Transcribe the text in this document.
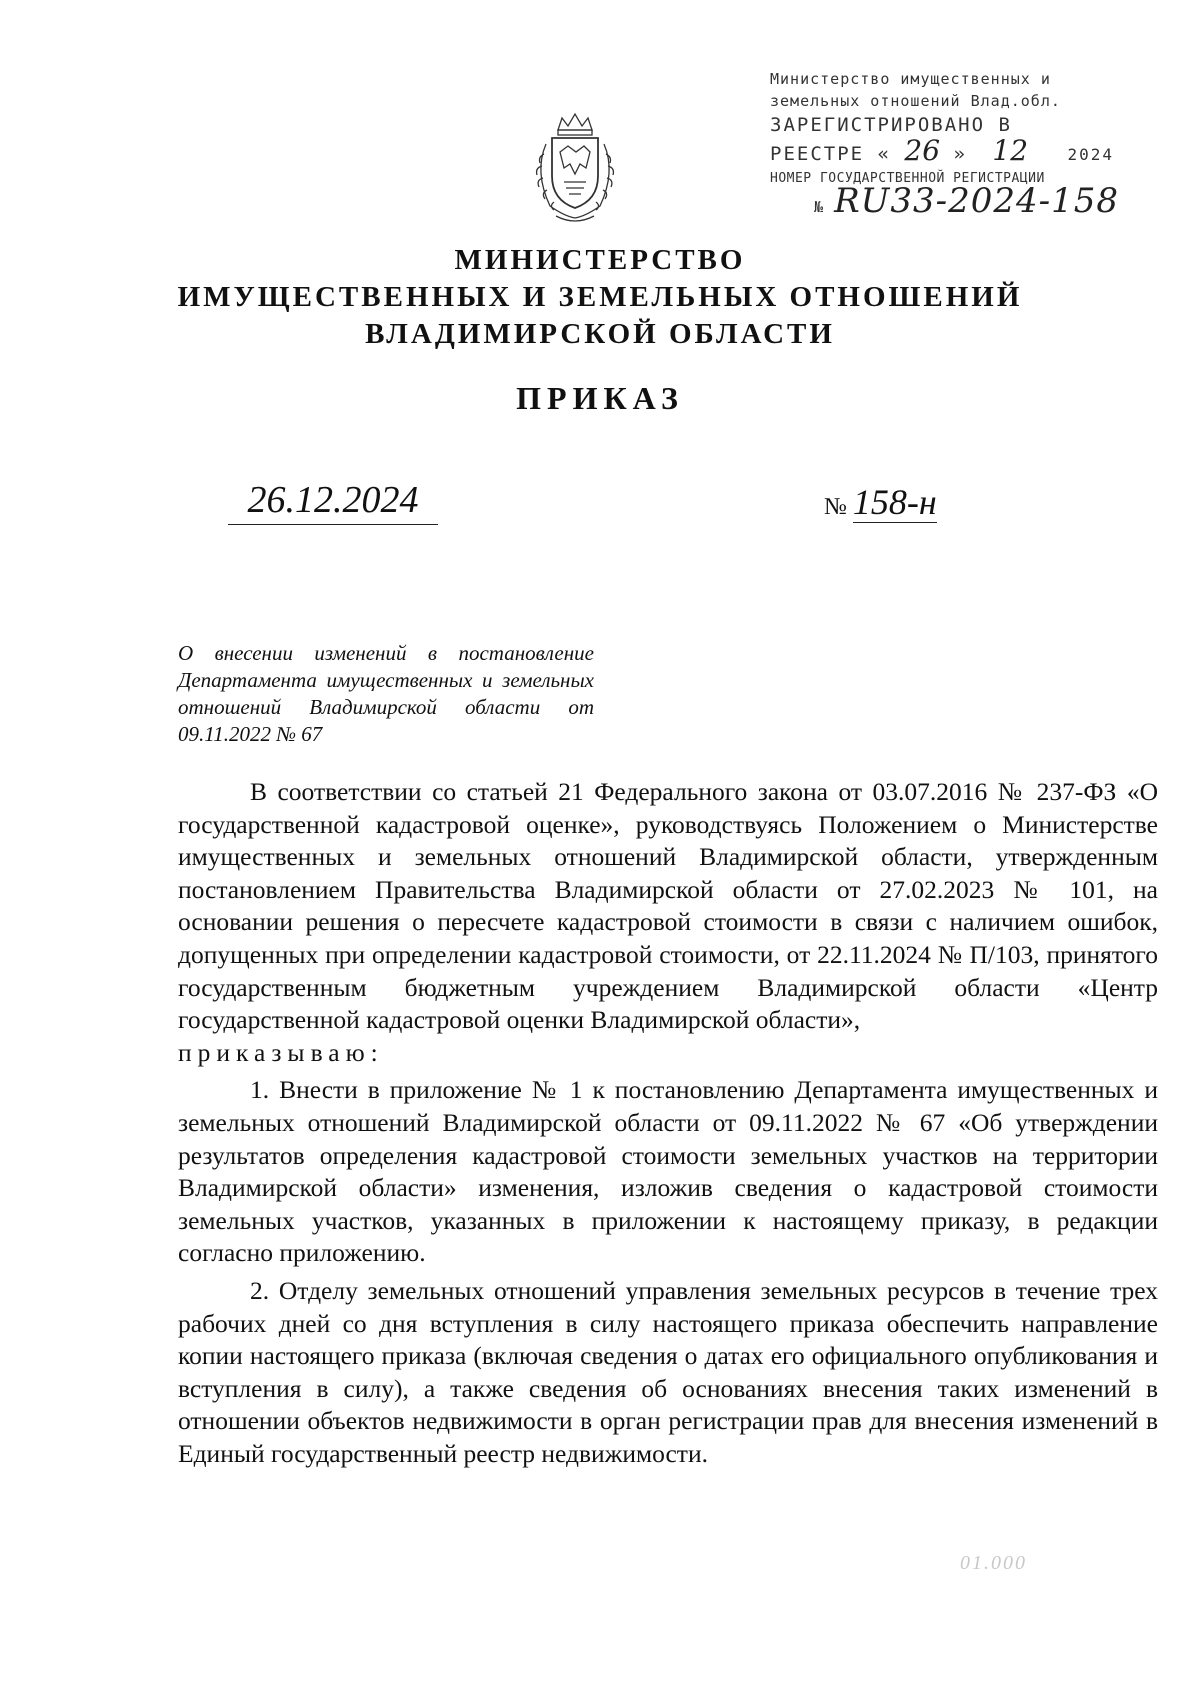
Министерство имущественных и
земельных отношений Влад.обл.
ЗАРЕГИСТРИРОВАНО В
РЕЕСТРЕ « 26 » 12 2024
НОМЕР ГОСУДАРСТВЕННОЙ РЕГИСТРАЦИИ
№ RU33-2024-158
МИНИСТЕРСТВО
ИМУЩЕСТВЕННЫХ И ЗЕМЕЛЬНЫХ ОТНОШЕНИЙ
ВЛАДИМИРСКОЙ ОБЛАСТИ
ПРИКАЗ
26.12.2024	№ 158-н
О внесении изменений в постановление Департамента имущественных и земельных отношений Владимирской области от 09.11.2022 № 67

В соответствии со статьей 21 Федерального закона от 03.07.2016 № 237-ФЗ «О государственной кадастровой оценке», руководствуясь Положением о Министерстве имущественных и земельных отношений Владимирской области, утвержденным постановлением Правительства Владимирской области от 27.02.2023 № 101, на основании решения о пересчете кадастровой стоимости в связи с наличием ошибок, допущенных при определении кадастровой стоимости, от 22.11.2024 № П/103, принятого государственным бюджетным учреждением Владимирской области «Центр государственной кадастровой оценки Владимирской области»,
приказываю:

1. Внести в приложение № 1 к постановлению Департамента имущественных и земельных отношений Владимирской области от 09.11.2022 № 67 «Об утверждении результатов определения кадастровой стоимости земельных участков на территории Владимирской области» изменения, изложив сведения о кадастровой стоимости земельных участков, указанных в приложении к настоящему приказу, в редакции согласно приложению.

2. Отделу земельных отношений управления земельных ресурсов в течение трех рабочих дней со дня вступления в силу настоящего приказа обеспечить направление копии настоящего приказа (включая сведения о датах его официального опубликования и вступления в силу), а также сведения об основаниях внесения таких изменений в отношении объектов недвижимости в орган регистрации прав для внесения изменений в Единый государственный реестр недвижимости.

01.000
